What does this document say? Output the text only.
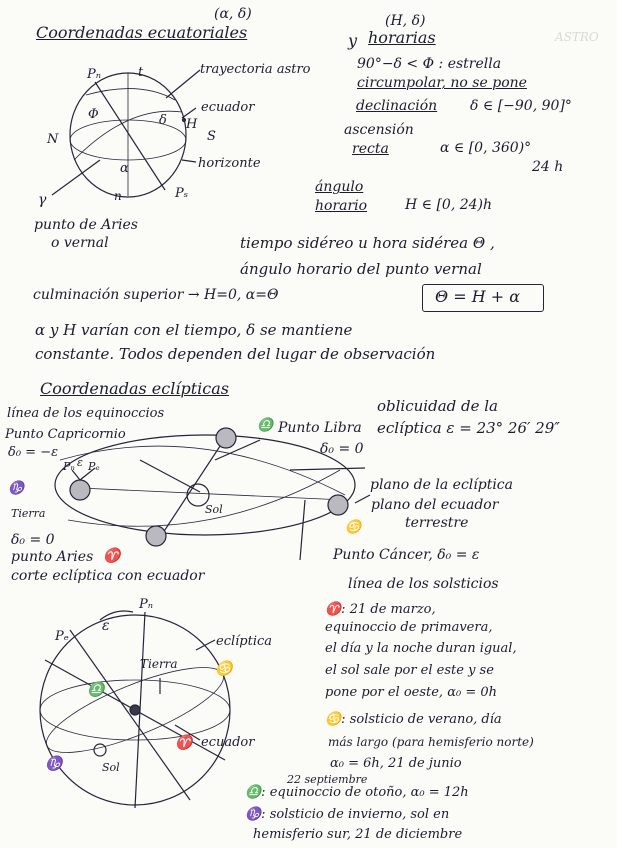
ASTRO
(α, δ)	(H, δ)
Coordenadas ecuatoriales	y horarias
Pₙ	t	trayectoria astro
ecuador
Φ
H
δ
S
N
α	horizonte
γ	n	Pₛ
punto de Aries
o vernal
90°−δ < Φ : estrella
circumpolar, no se pone
declinación δ ∈ [−90, 90]°
ascensión
recta	α ∈ [0, 360)°
24 h
ángulo
horario	H ∈ [0, 24)h
tiempo sidéreo u hora sidérea Θ ,
ángulo horario del punto vernal
culminación superior → H=0, α=Θ	Θ = H + α
α y H varían con el tiempo, δ se mantiene
constante. Todos dependen del lugar de observación
Coordenadas eclípticas
oblicuidad de la
eclíptica ε = 23° 26′ 29″
línea de los equinoccios
Punto Capricornio
δ₀ = −ε
Pₙ ε Pₑ
♑
Tierra	Sol
♎ Punto Libra
δ₀ = 0
plano de la eclíptica
plano del ecuador
terrestre
♋
δ₀ = 0
punto Aries ♈
corte eclíptica con ecuador
Punto Cáncer, δ₀ = ε
línea de los solsticios
Pₙ
Pₑ
ε
eclíptica
Tierra	♋
♎
ecuador
♑	Sol
♈
♈: 21 de marzo,
equinoccio de primavera,
el día y la noche duran igual,
el sol sale por el este y se
pone por el oeste, α₀ = 0h
♋: solsticio de verano, día
más largo (para hemisferio norte)
α₀ = 6h, 21 de junio
22 septiembre
♎: equinoccio de otoño, α₀ = 12h
♑: solsticio de invierno, sol en
hemisferio sur, 21 de diciembre
